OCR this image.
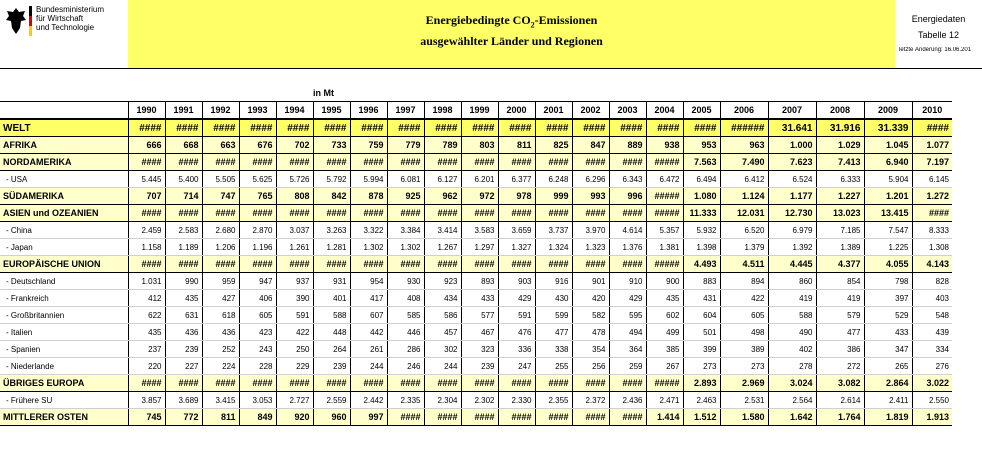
Bundesministerium
für Wirtschaft
und Technologie
Energiebedingte $CO_2$-Emissionen
ausgewählter Länder und Regionen
Energiedaten
Tabelle 12
letzte Änderung: 16.06.201
in Mt
	1990	1991	1992	1993	1994	1995	1996	1997	1998	1999	2000	2001	2002	2003	2004	2005	2006	2007	2008	2009	2010
WELT	####	####	####	####	####	####	####	####	####	####	####	####	####	####	####	####	######	31.641	31.916	31.339	####
AFRIKA	666	668	663	676	702	733	759	779	789	803	811	825	847	889	938	953	963	1.000	1.029	1.045	1.077
NORDAMERIKA	####	####	####	####	####	####	####	####	####	####	####	####	####	####	#####	7.563	7.490	7.623	7.413	6.940	7.197
- USA	5.445	5.400	5.505	5.625	5.726	5.792	5.994	6.081	6.127	6.201	6.377	6.248	6.296	6.343	6.472	6.494	6.412	6.524	6.333	5.904	6.145
SÜDAMERIKA	707	714	747	765	808	842	878	925	962	972	978	999	993	996	#####	1.080	1.124	1.177	1.227	1.201	1.272
ASIEN und OZEANIEN	####	####	####	####	####	####	####	####	####	####	####	####	####	####	#####	11.333	12.031	12.730	13.023	13.415	####
- China	2.459	2.583	2.680	2.870	3.037	3.263	3.322	3.384	3.414	3.583	3.659	3.737	3.970	4.614	5.357	5.932	6.520	6.979	7.185	7.547	8.333
- Japan	1.158	1.189	1.206	1.196	1.261	1.281	1.302	1.302	1.267	1.297	1.327	1.324	1.323	1.376	1.381	1.398	1.379	1.392	1.389	1.225	1.308
EUROPÄISCHE UNION	####	####	####	####	####	####	####	####	####	####	####	####	####	####	#####	4.493	4.511	4.445	4.377	4.055	4.143
- Deutschland	1.031	990	959	947	937	931	954	930	923	893	903	916	901	910	900	883	894	860	854	798	828
- Frankreich	412	435	427	406	390	401	417	408	434	433	429	430	420	429	435	431	422	419	419	397	403
- Großbritannien	622	631	618	605	591	588	607	585	586	577	591	599	582	595	602	604	605	588	579	529	548
- Italien	435	436	436	423	422	448	442	446	457	467	476	477	478	494	499	501	498	490	477	433	439
- Spanien	237	239	252	243	250	264	261	286	302	323	336	338	354	364	385	399	389	402	386	347	334
- Niederlande	220	227	224	228	229	239	244	246	244	239	247	255	256	259	267	273	273	278	272	265	276
ÜBRIGES EUROPA	####	####	####	####	####	####	####	####	####	####	####	####	####	####	#####	2.893	2.969	3.024	3.082	2.864	3.022
- Frühere SU	3.857	3.689	3.415	3.053	2.727	2.559	2.442	2.335	2.304	2.302	2.330	2.355	2.372	2.436	2.471	2.463	2.531	2.564	2.614	2.411	2.550
MITTLERER OSTEN	745	772	811	849	920	960	997	####	####	####	####	####	####	####	1.414	1.512	1.580	1.642	1.764	1.819	1.913
